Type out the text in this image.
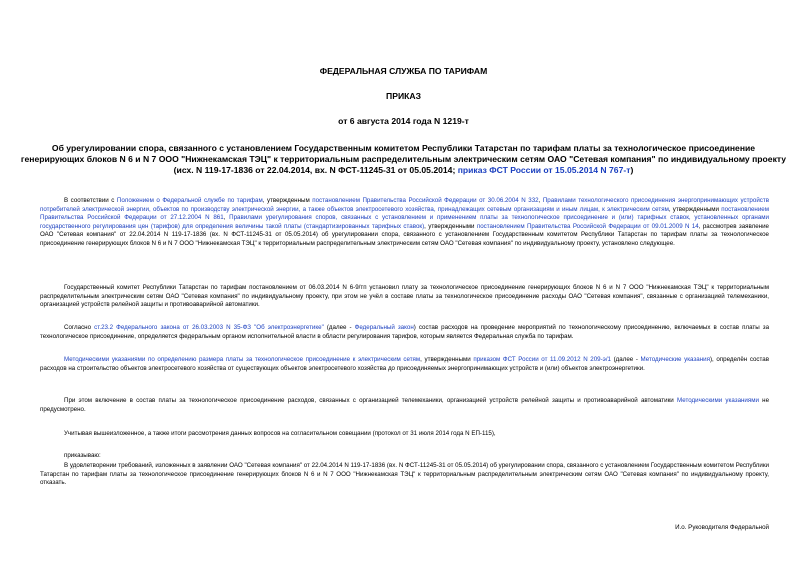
ФЕДЕРАЛЬНАЯ СЛУЖБА ПО ТАРИФАМ
ПРИКАЗ
от 6 августа 2014 года N 1219-т
Об урегулировании спора, связанного с установлением Государственным комитетом Республики Татарстан по тарифам платы за технологическое присоединение генерирующих блоков N 6 и N 7 ООО "Нижнекамская ТЭЦ" к территориальным распределительным электрическим сетям ОАО "Сетевая компания" по индивидуальному проекту
(исх. N 119-17-1836 от 22.04.2014, вх. N ФСТ-11245-31 от 05.05.2014; приказ ФСТ России от 15.05.2014 N 767-т)
В соответствии с Положением о Федеральной службе по тарифам, утвержденным постановлением Правительства Российской Федерации от 30.06.2004 N 332, Правилами технологического присоединения энергопринимающих устройств потребителей электрической энергии, объектов по производству электрической энергии, а также объектов электросетевого хозяйства, принадлежащих сетевым организациям и иным лицам, к электрическим сетям, утвержденными постановлением Правительства Российской Федерации от 27.12.2004 N 861, Правилами урегулирования споров, связанных с установлением и применением платы за технологическое присоединение и (или) тарифных ставок, установленных органами государственного регулирования цен (тарифов) для определения величины такой платы (стандартизированных тарифных ставок), утвержденными постановлением Правительства Российской Федерации от 09.01.2009 N 14, рассмотрев заявление ОАО "Сетевая компания" от 22.04.2014 N 119-17-1836 (вх. N ФСТ-11245-31 от 05.05.2014) об урегулировании спора, связанного с установлением Государственным комитетом Республики Татарстан по тарифам платы за технологическое присоединение генерирующих блоков N 6 и N 7 ООО "Нижнекамская ТЭЦ" к территориальным распределительным электрическим сетям ОАО "Сетевая компания" по индивидуальному проекту, установлено следующее.
Государственный комитет Республики Татарстан по тарифам постановлением от 06.03.2014 N 6-9/тп установил плату за технологическое присоединение генерирующих блоков N 6 и N 7 ООО "Нижнекамская ТЭЦ" к территориальным распределительным электрическим сетям ОАО "Сетевая компания" по индивидуальному проекту, при этом не учёл в составе платы за технологическое присоединение расходы ОАО "Сетевая компания", связанные с организацией телемеханики, организацией устройств релейной защиты и противоаварийной автоматики.
Согласно ст.23.2 Федерального закона от 26.03.2003 N 35-ФЗ "Об электроэнергетике" (далее - Федеральный закон) состав расходов на проведение мероприятий по технологическому присоединению, включаемых в состав платы за технологическое присоединение, определяется федеральным органом исполнительной власти в области регулирования тарифов, которым является Федеральная служба по тарифам.
Методическими указаниями по определению размера платы за технологическое присоединение к электрическим сетям, утвержденными приказом ФСТ России от 11.09.2012 N 209-э/1 (далее - Методические указания), определён состав расходов на строительство объектов электросетевого хозяйства от существующих объектов электросетевого хозяйства до присоединяемых энергопринимающих устройств и (или) объектов электроэнергетики.
При этом включение в состав платы за технологическое присоединение расходов, связанных с организацией телемеханики, организацией устройств релейной защиты и противоаварийной автоматики Методическими указаниями не предусмотрено.
Учитывая вышеизложенное, а также итоги рассмотрения данных вопросов на согласительном совещании (протокол от 31 июля 2014 года N ЕП-115),
приказываю:
В удовлетворении требований, изложенных в заявлении ОАО "Сетевая компания" от 22.04.2014 N 119-17-1836 (вх. N ФСТ-11245-31 от 05.05.2014) об урегулировании спора, связанного с установлением Государственным комитетом Республики Татарстан по тарифам платы за технологическое присоединение генерирующих блоков N 6 и N 7 ООО "Нижнекамская ТЭЦ" к территориальным распределительным электрическим сетям ОАО "Сетевая компания" по индивидуальному проекту, отказать.
И.о. Руководителя Федеральной
